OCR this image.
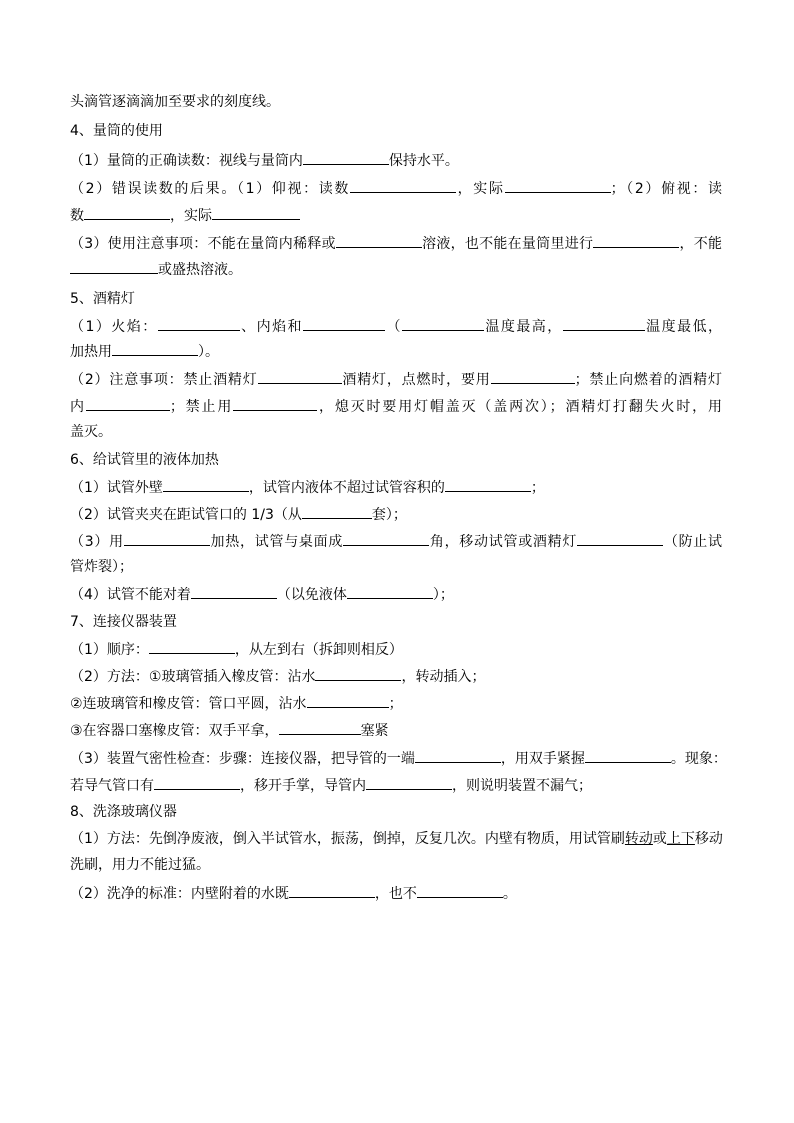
头滴管逐滴滴加至要求的刻度线。
4、量筒的使用
（1）量筒的正确读数：视线与量筒内	保持水平。
（2）错误读数的后果。（1）仰视：读数	，实际	；（2）俯视：读
数	，实际
（3）使用注意事项：不能在量筒内稀释或	溶液，也不能在量筒里进行	，不能
或盛热溶液。
5、酒精灯
（1）火焰：	、内焰和	（	温度最高，	温度最低，
加热用	）。
（2）注意事项：禁止酒精灯	酒精灯，点燃时，要用	；禁止向燃着的酒精灯
内	；禁止用	，熄灭时要用灯帽盖灭（盖两次）；酒精灯打翻失火时，用
盖灭。
6、给试管里的液体加热
（1）试管外壁	，试管内液体不超过试管容积的	；
（2）试管夹夹在距试管口的 1/3（从	套）；
（3）用	加热，试管与桌面成	角，移动试管或酒精灯	（防止试
管炸裂）；
（4）试管不能对着	（以免液体	）；
7、连接仪器装置
（1）顺序：	，从左到右（拆卸则相反）
（2）方法：①玻璃管插入橡皮管：沾水	，转动插入；
②连玻璃管和橡皮管：管口平圆，沾水	；
③在容器口塞橡皮管：双手平拿，	塞紧
（3）装置气密性检查：步骤：连接仪器，把导管的一端	，用双手紧握	。现象：
若导气管口有	，移开手掌，导管内	，则说明装置不漏气；
8、洗涤玻璃仪器
（1）方法：先倒净废液，倒入半试管水，振荡，倒掉，反复几次。内壁有物质，用试管刷转动或上下移动
洗刷，用力不能过猛。
（2）洗净的标准：内壁附着的水既	，也不	。
